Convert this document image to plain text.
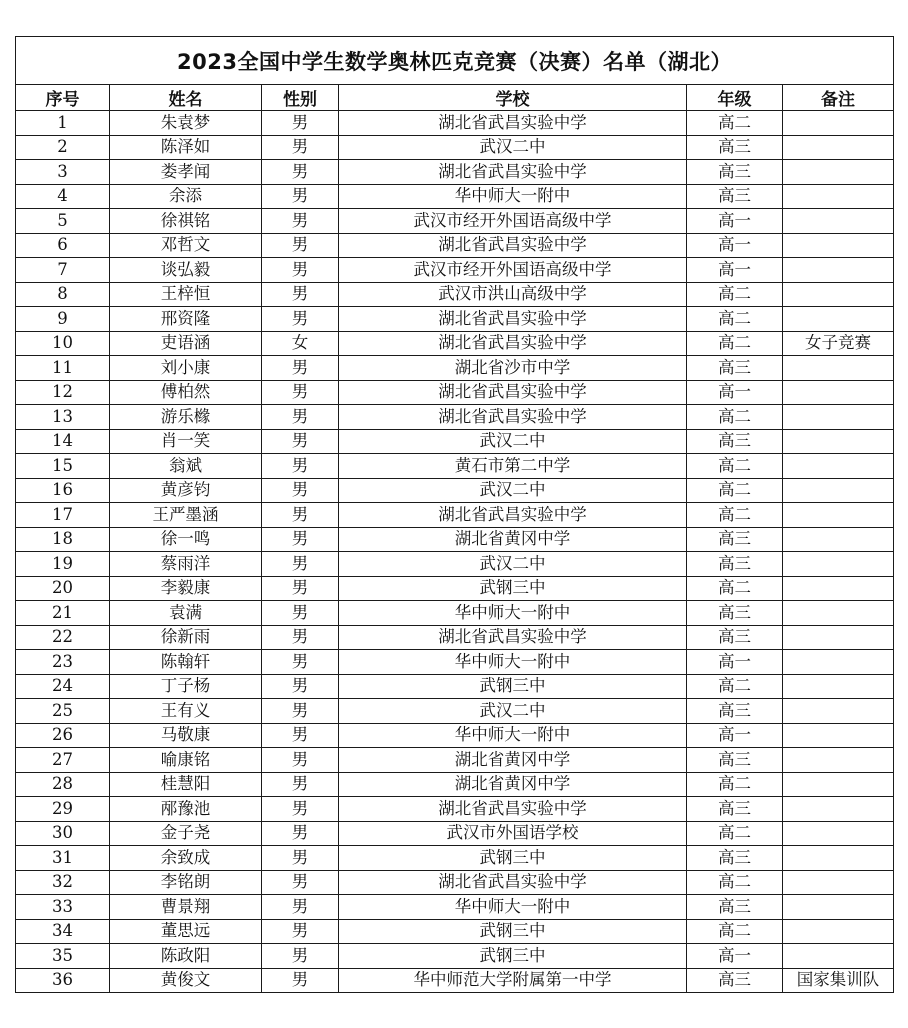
2023全国中学生数学奥林匹克竞赛（决赛）名单（湖北）					
序号	姓名	性别	学校	年级	备注
1	朱袁梦	男	湖北省武昌实验中学	高二	
2	陈泽如	男	武汉二中	高三	
3	娄孝闻	男	湖北省武昌实验中学	高三	
4	余添	男	华中师大一附中	高三	
5	徐祺铭	男	武汉市经开外国语高级中学	高一	
6	邓哲文	男	湖北省武昌实验中学	高一	
7	谈弘毅	男	武汉市经开外国语高级中学	高一	
8	王梓恒	男	武汉市洪山高级中学	高二	
9	邢资隆	男	湖北省武昌实验中学	高二	
10	吏语涵	女	湖北省武昌实验中学	高二	女子竞赛
11	刘小康	男	湖北省沙市中学	高三	
12	傅柏然	男	湖北省武昌实验中学	高一	
13	游乐橼	男	湖北省武昌实验中学	高二	
14	肖一笑	男	武汉二中	高三	
15	翁斌	男	黄石市第二中学	高二	
16	黄彦钧	男	武汉二中	高二	
17	王严墨涵	男	湖北省武昌实验中学	高二	
18	徐一鸣	男	湖北省黄冈中学	高三	
19	蔡雨洋	男	武汉二中	高三	
20	李毅康	男	武钢三中	高二	
21	袁满	男	华中师大一附中	高三	
22	徐新雨	男	湖北省武昌实验中学	高三	
23	陈翰轩	男	华中师大一附中	高一	
24	丁子杨	男	武钢三中	高二	
25	王有义	男	武汉二中	高三	
26	马敬康	男	华中师大一附中	高一	
27	喻康铭	男	湖北省黄冈中学	高三	
28	桂慧阳	男	湖北省黄冈中学	高二	
29	邴豫池	男	湖北省武昌实验中学	高三	
30	金子尧	男	武汉市外国语学校	高二	
31	余致成	男	武钢三中	高三	
32	李铭朗	男	湖北省武昌实验中学	高二	
33	曹景翔	男	华中师大一附中	高三	
34	董思远	男	武钢三中	高二	
35	陈政阳	男	武钢三中	高一	
36	黄俊文	男	华中师范大学附属第一中学	高三	国家集训队
